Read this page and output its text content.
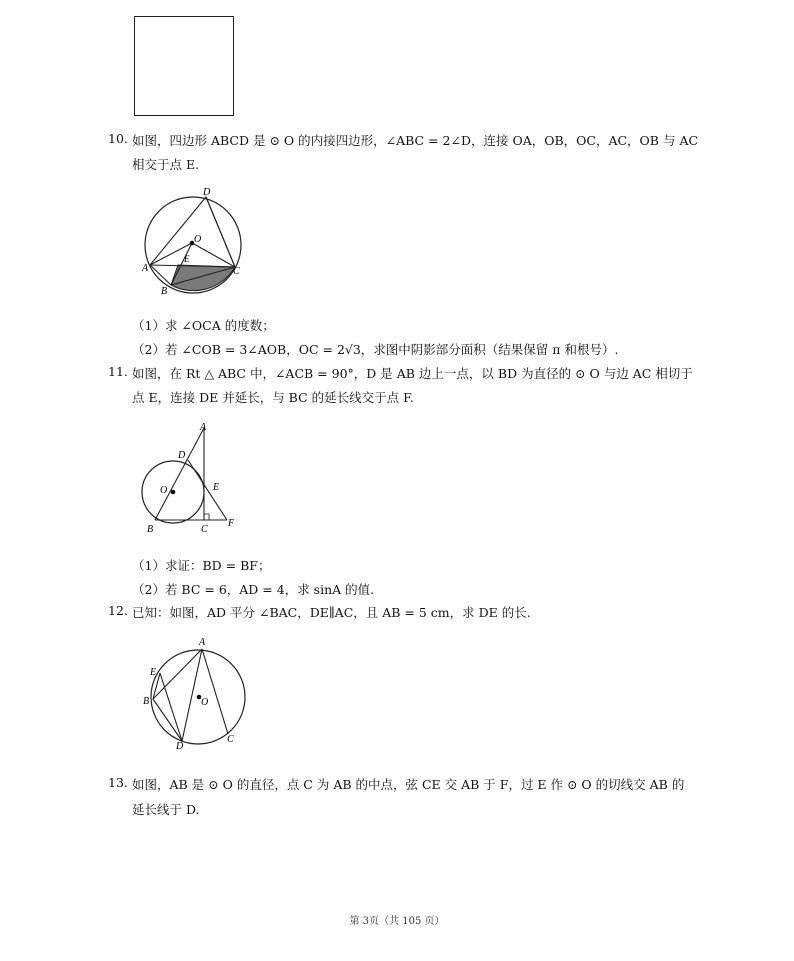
10. 如图，四边形 ABCD 是 ⊙ O 的内接四边形，∠ABC = 2∠D，连接 OA，OB，OC，AC，OB 与 AC
相交于点 E.
D
O
E
A	C
B
（1）求 ∠OCA 的度数；
（2）若 ∠COB = 3∠AOB，OC = 2√3，求图中阴影部分面积（结果保留 π 和根号）.
11. 如图，在 Rt △ ABC 中，∠ACB = 90°，D 是 AB 边上一点，以 BD 为直径的 ⊙ O 与边 AC 相切于
点 E，连接 DE 并延长，与 BC 的延长线交于点 F.
A
D
O	E
B	C
F
（1）求证：BD = BF；
（2）若 BC = 6，AD = 4，求 sinA 的值.
12. 已知：如图，AD 平分 ∠BAC，DE∥AC，且 AB = 5 cm，求 DE 的长.
A
E
B	O
D
C
13. 如图，AB 是 ⊙ O 的直径，点 C 为 AB 的中点，弦 CE 交 AB 于 F，过 E 作 ⊙ O 的切线交 AB 的
延长线于 D.
第 3页（共 105 页）
